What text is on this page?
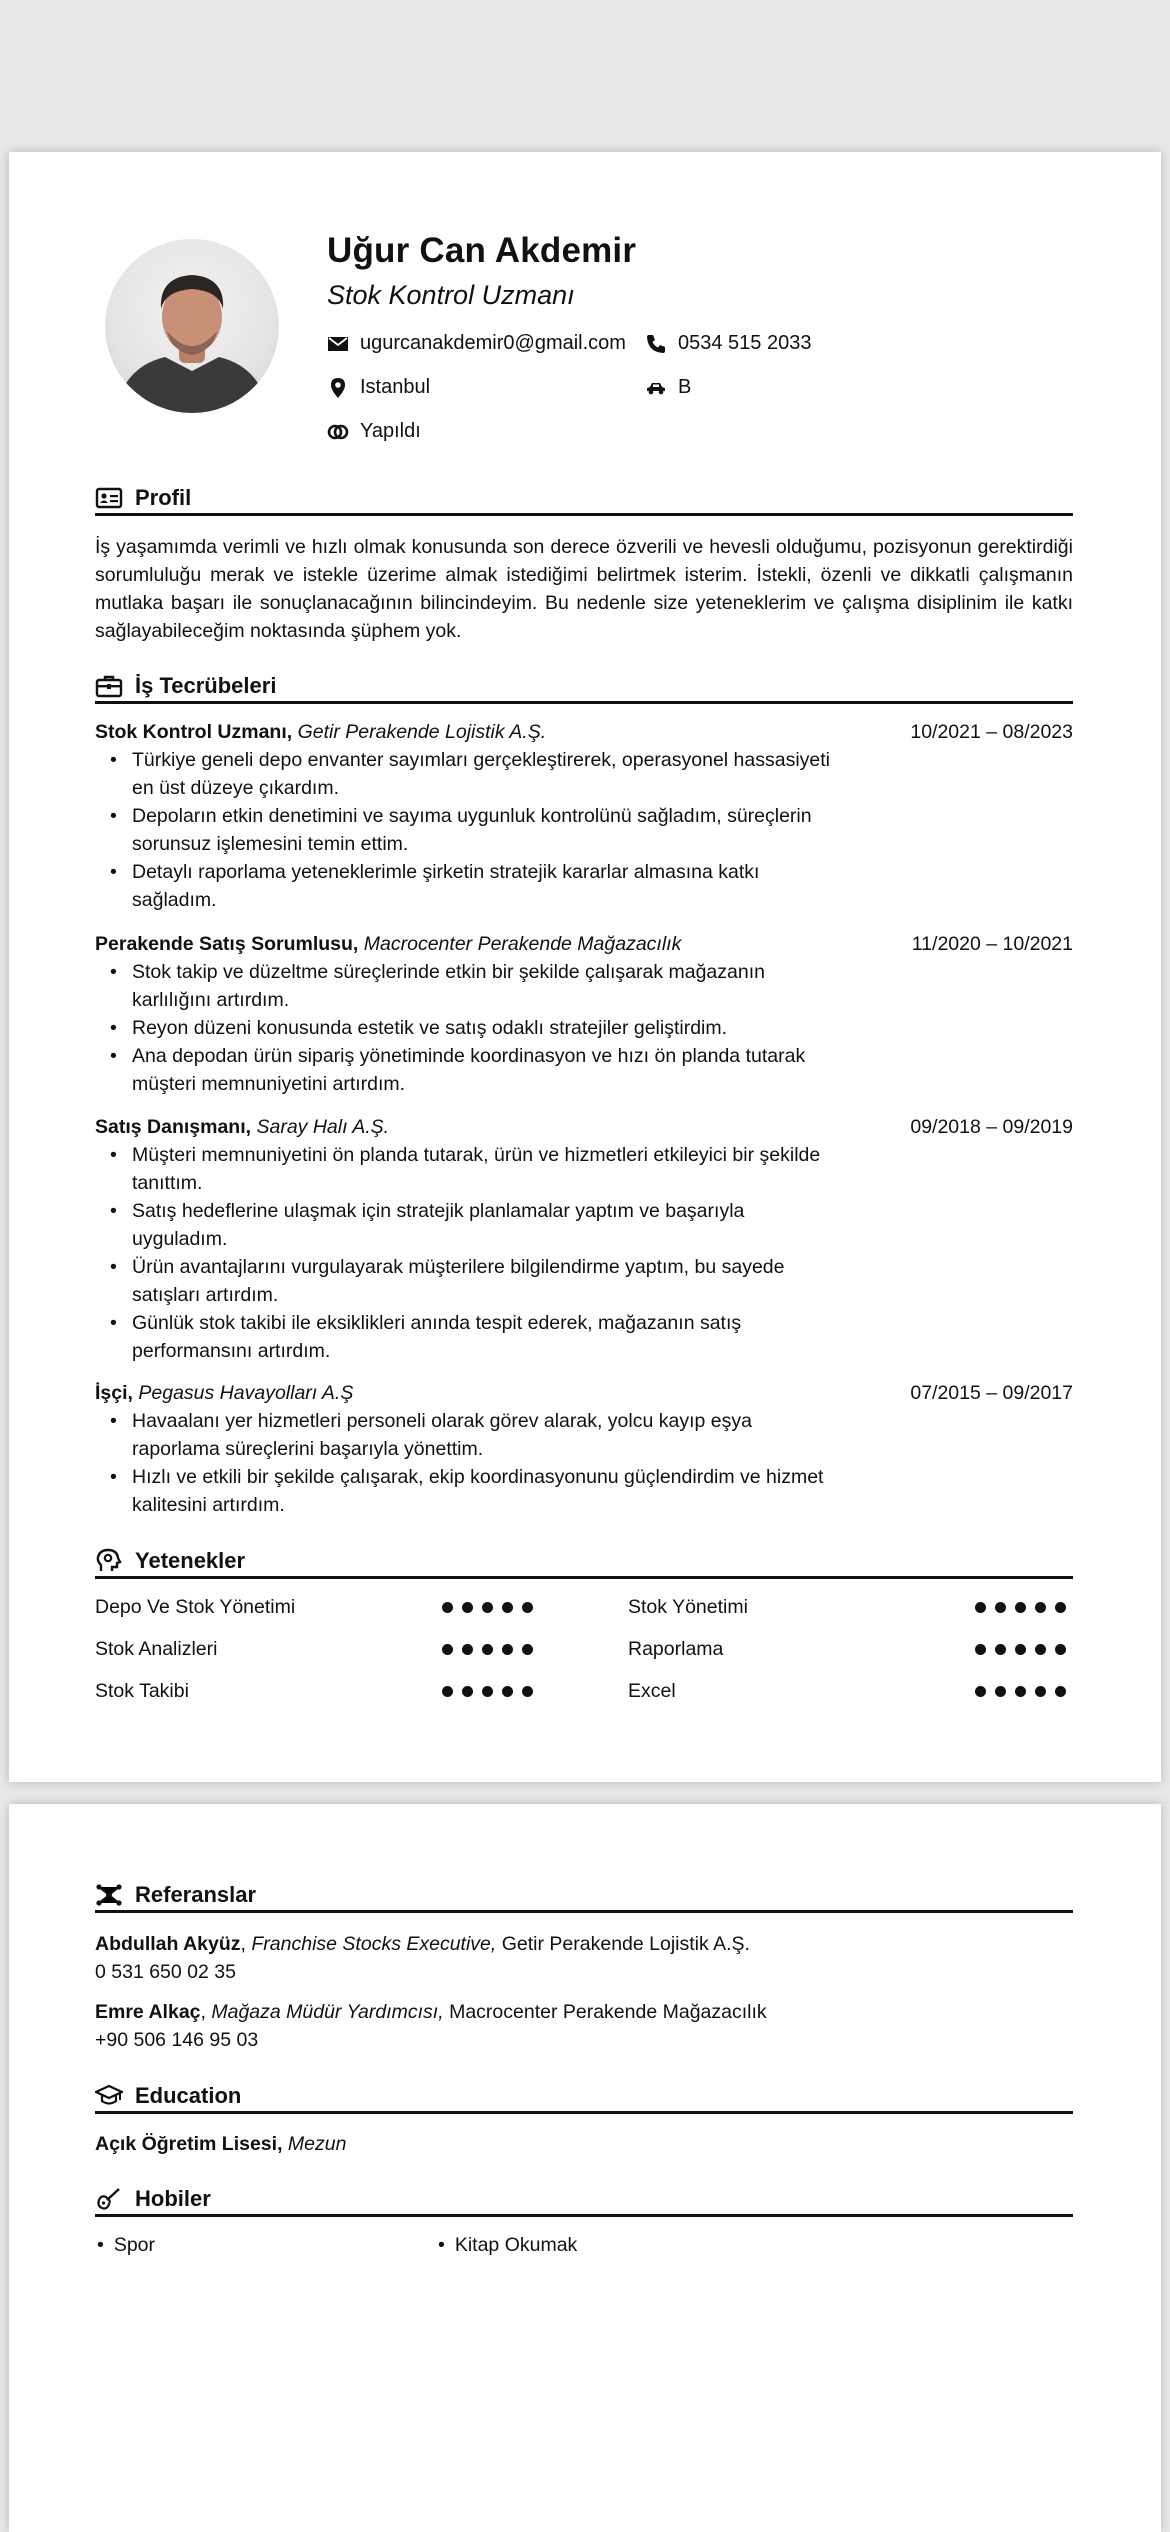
Uğur Can Akdemir
Stok Kontrol Uzmanı
ugurcanakdemir0@gmail.com	0534 515 2033
Istanbul	B
Yapıldı
Profil
İş yaşamımda verimli ve hızlı olmak konusunda son derece özverili ve hevesli olduğumu, pozisyonun gerektirdiği sorumluluğu merak ve istekle üzerime almak istediğimi belirtmek isterim. İstekli, özenli ve dikkatli çalışmanın mutlaka başarı ile sonuçlanacağının bilincindeyim. Bu nedenle size yeteneklerim ve çalışma disiplinim ile katkı sağlayabileceğim noktasında şüphem yok.
İş Tecrübeleri
Stok Kontrol Uzmanı, Getir Perakende Lojistik A.Ş.	10/2021 – 08/2023
• Türkiye geneli depo envanter sayımları gerçekleştirerek, operasyonel hassasiyeti en üst düzeye çıkardım.
• Depoların etkin denetimini ve sayıma uygunluk kontrolünü sağladım, süreçlerin sorunsuz işlemesini temin ettim.
• Detaylı raporlama yeteneklerimle şirketin stratejik kararlar almasına katkı sağladım.
Perakende Satış Sorumlusu, Macrocenter Perakende Mağazacılık	11/2020 – 10/2021
• Stok takip ve düzeltme süreçlerinde etkin bir şekilde çalışarak mağazanın karlılığını artırdım.
• Reyon düzeni konusunda estetik ve satış odaklı stratejiler geliştirdim.
• Ana depodan ürün sipariş yönetiminde koordinasyon ve hızı ön planda tutarak müşteri memnuniyetini artırdım.
Satış Danışmanı, Saray Halı A.Ş.	09/2018 – 09/2019
• Müşteri memnuniyetini ön planda tutarak, ürün ve hizmetleri etkileyici bir şekilde tanıttım.
• Satış hedeflerine ulaşmak için stratejik planlamalar yaptım ve başarıyla uyguladım.
• Ürün avantajlarını vurgulayarak müşterilere bilgilendirme yaptım, bu sayede satışları artırdım.
• Günlük stok takibi ile eksiklikleri anında tespit ederek, mağazanın satış performansını artırdım.
İşçi, Pegasus Havayolları A.Ş	07/2015 – 09/2017
• Havaalanı yer hizmetleri personeli olarak görev alarak, yolcu kayıp eşya raporlama süreçlerini başarıyla yönettim.
• Hızlı ve etkili bir şekilde çalışarak, ekip koordinasyonunu güçlendirdim ve hizmet kalitesini artırdım.
Yetenekler
Depo Ve Stok Yönetimi	Stok Yönetimi
Stok Analizleri	Raporlama
Stok Takibi	Excel
Referanslar
Abdullah Akyüz, Franchise Stocks Executive, Getir Perakende Lojistik A.Ş.
0 531 650 02 35
Emre Alkaç, Mağaza Müdür Yardımcısı, Macrocenter Perakende Mağazacılık
+90 506 146 95 03
Education
Açık Öğretim Lisesi, Mezun
Hobiler
• Spor
•	Kitap Okumak
